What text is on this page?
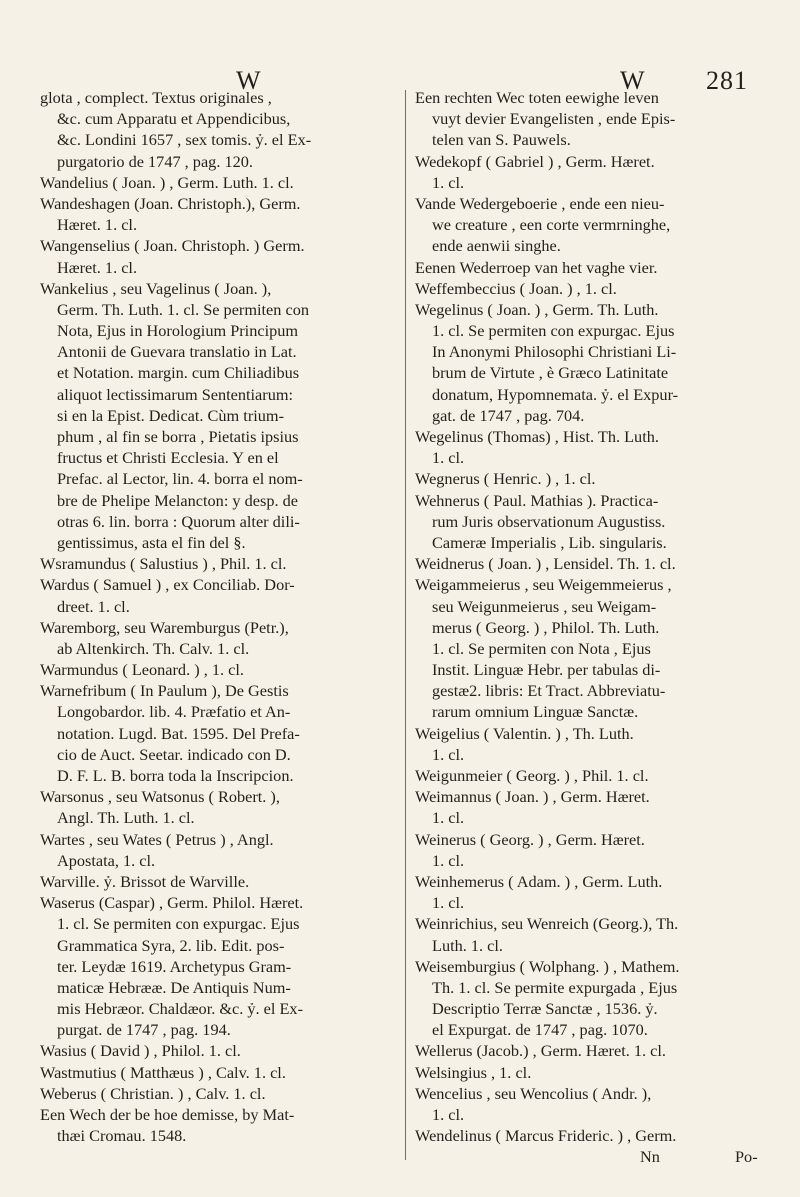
W	W 281
glota , complect. Textus originales ,
&c. cum Apparatu et Appendicibus,
&c. Londini 1657 , sex tomis. ỷ. el Ex-
purgatorio de 1747 , pag. 120.
Wandelius ( Joan. ) , Germ. Luth. 1. cl.
Wandeshagen (Joan. Christoph.), Germ.
Hæret. 1. cl.
Wangenselius ( Joan. Christoph. ) Germ.
Hæret. 1. cl.
Wankelius , seu Vagelinus ( Joan. ),
Germ. Th. Luth. 1. cl. Se permiten con
Nota, Ejus in Horologium Principum
Antonii de Guevara translatio in Lat.
et Notation. margin. cum Chiliadibus
aliquot lectissimarum Sententiarum:
si en la Epist. Dedicat. Cùm trium-
phum , al fin se borra , Pietatis ipsius
fructus et Christi Ecclesia. Y en el
Prefac. al Lector, lin. 4. borra el nom-
bre de Phelipe Melancton: y desp. de
otras 6. lin. borra : Quorum alter dili-
gentissimus, asta el fin del §.
Wsramundus ( Salustius ) , Phil. 1. cl.
Wardus ( Samuel ) , ex Conciliab. Dor-
dreet. 1. cl.
Waremborg, seu Waremburgus (Petr.),
ab Altenkirch. Th. Calv. 1. cl.
Warmundus ( Leonard. ) , 1. cl.
Warnefribum ( In Paulum ), De Gestis
Longobardor. lib. 4. Præfatio et An-
notation. Lugd. Bat. 1595. Del Prefa-
cio de Auct. Seetar. indicado con D.
D. F. L. B. borra toda la Inscripcion.
Warsonus , seu Watsonus ( Robert. ),
Angl. Th. Luth. 1. cl.
Wartes , seu Wates ( Petrus ) , Angl.
Apostata, 1. cl.
Warville. ỷ. Brissot de Warville.
Waserus (Caspar) , Germ. Philol. Hæret.
1. cl. Se permiten con expurgac. Ejus
Grammatica Syra, 2. lib. Edit. pos-
ter. Leydæ 1619. Archetypus Gram-
maticæ Hebrææ. De Antiquis Num-
mis Hebræor. Chaldæor. &c. ỷ. el Ex-
purgat. de 1747 , pag. 194.
Wasius ( David ) , Philol. 1. cl.
Wastmutius ( Matthæus ) , Calv. 1. cl.
Weberus ( Christian. ) , Calv. 1. cl.
Een Wech der be hoe demisse, by Mat-
thæi Cromau. 1548.
Een rechten Wec toten eewighe leven
vuyt devier Evangelisten , ende Epis-
telen van S. Pauwels.
Wedekopf ( Gabriel ) , Germ. Hæret.
1. cl.
Vande Wedergeboerie , ende een nieu-
we creature , een corte vermrninghe,
ende aenwii singhe.
Eenen Wederroep van het vaghe vier.
Weffembeccius ( Joan. ) , 1. cl.
Wegelinus ( Joan. ) , Germ. Th. Luth.
1. cl. Se permiten con expurgac. Ejus
In Anonymi Philosophi Christiani Li-
brum de Virtute , è Græco Latinitate
donatum, Hypomnemata. ỷ. el Expur-
gat. de 1747 , pag. 704.
Wegelinus (Thomas) , Hist. Th. Luth.
1. cl.
Wegnerus ( Henric. ) , 1. cl.
Wehnerus ( Paul. Mathias ). Practica-
rum Juris observationum Augustiss.
Cameræ Imperialis , Lib. singularis.
Weidnerus ( Joan. ) , Lensidel. Th. 1. cl.
Weigammeierus , seu Weigemmeierus ,
seu Weigunmeierus , seu Weigam-
merus ( Georg. ) , Philol. Th. Luth.
1. cl. Se permiten con Nota , Ejus
Instit. Linguæ Hebr. per tabulas di-
gestæ2. libris: Et Tract. Abbreviatu-
rarum omnium Linguæ Sanctæ.
Weigelius ( Valentin. ) , Th. Luth.
1. cl.
Weigunmeier ( Georg. ) , Phil. 1. cl.
Weimannus ( Joan. ) , Germ. Hæret.
1. cl.
Weinerus ( Georg. ) , Germ. Hæret.
1. cl.
Weinhemerus ( Adam. ) , Germ. Luth.
1. cl.
Weinrichius, seu Wenreich (Georg.), Th.
Luth. 1. cl.
Weisemburgius ( Wolphang. ) , Mathem.
Th. 1. cl. Se permite expurgada , Ejus
Descriptio Terræ Sanctæ , 1536. ỷ.
el Expurgat. de 1747 , pag. 1070.
Wellerus (Jacob.) , Germ. Hæret. 1. cl.
Welsingius , 1. cl.
Wencelius , seu Wencolius ( Andr. ),
1. cl.
Wendelinus ( Marcus Frideric. ) , Germ.
Nn	Po-
